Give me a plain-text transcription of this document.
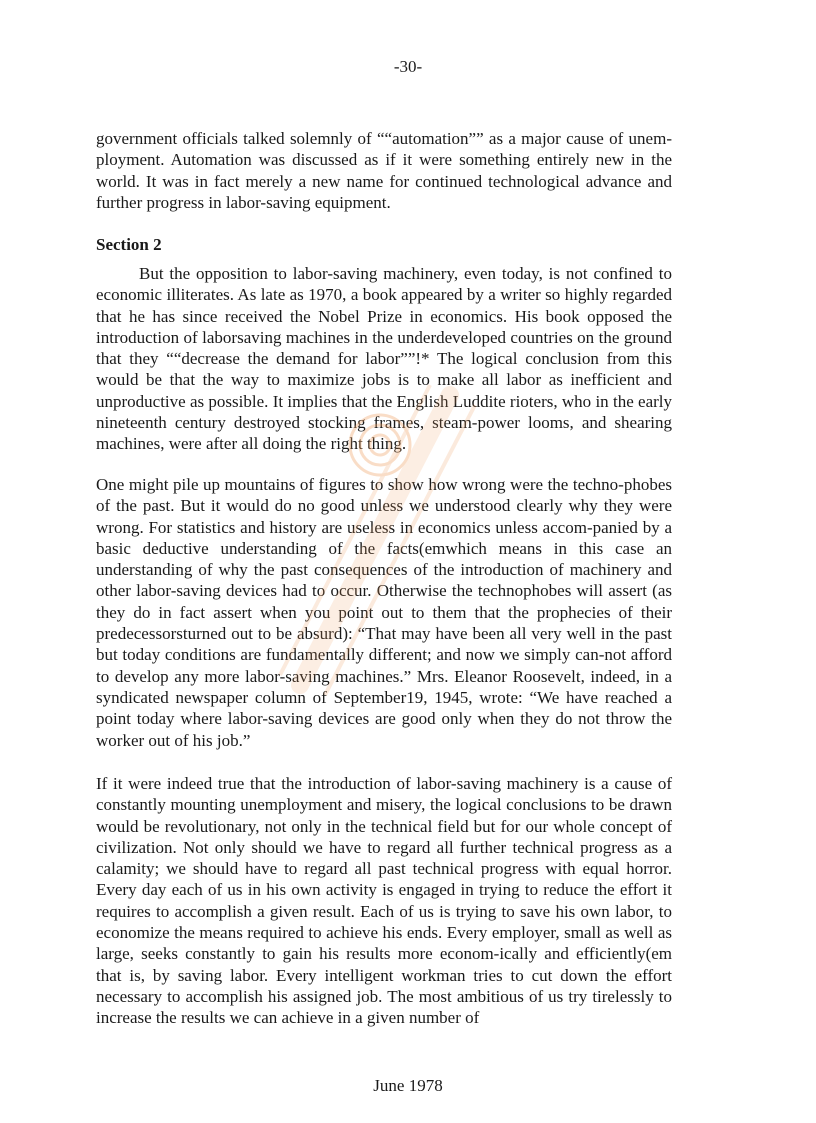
-30-

government officials talked solemnly of ““automation”” as a major cause of unem-ployment. Automation was discussed as if it were something entirely new in the world. It was in fact merely a new name for continued technological advance and further progress in labor-saving equipment.

Section 2

But the opposition to labor-saving machinery, even today, is not confined to economic illiterates. As late as 1970, a book appeared by a writer so highly regarded that he has since received the Nobel Prize in economics. His book opposed the introduction of laborsaving machines in the underdeveloped countries on the ground that they ““decrease the demand for labor””!* The logical conclusion from this would be that the way to maximize jobs is to make all labor as inefficient and unproductive as possible. It implies that the English Luddite rioters, who in the early nineteenth century destroyed stocking frames, steam-power looms, and shearing machines, were after all doing the right thing.

One might pile up mountains of figures to show how wrong were the techno-phobes of the past. But it would do no good unless we understood clearly why they were wrong. For statistics and history are useless in economics unless accom-panied by a basic deductive understanding of the facts(emwhich means in this case an understanding of why the past consequences of the introduction of machinery and other labor-saving devices had to occur. Otherwise the technophobes will assert (as they do in fact assert when you point out to them that the prophecies of their predecessorsturned out to be absurd): “That may have been all very well in the past but today conditions are fundamentally different; and now we simply can-not afford to develop any more labor-saving machines.” Mrs. Eleanor Roosevelt, indeed, in a syndicated newspaper column of September19, 1945, wrote: “We have reached a point today where labor-saving devices are good only when they do not throw the worker out of his job.”

If it were indeed true that the introduction of labor-saving machinery is a cause of constantly mounting unemployment and misery, the logical conclusions to be drawn would be revolutionary, not only in the technical field but for our whole concept of civilization. Not only should we have to regard all further technical progress as a calamity; we should have to regard all past technical progress with equal horror. Every day each of us in his own activity is engaged in trying to reduce the effort it requires to accomplish a given result. Each of us is trying to save his own labor, to economize the means required to achieve his ends. Every employer, small as well as large, seeks constantly to gain his results more econom-ically and efficiently(em that is, by saving labor. Every intelligent workman tries to cut down the effort necessary to accomplish his assigned job. The most ambitious of us try tirelessly to increase the results we can achieve in a given number of

June 1978
